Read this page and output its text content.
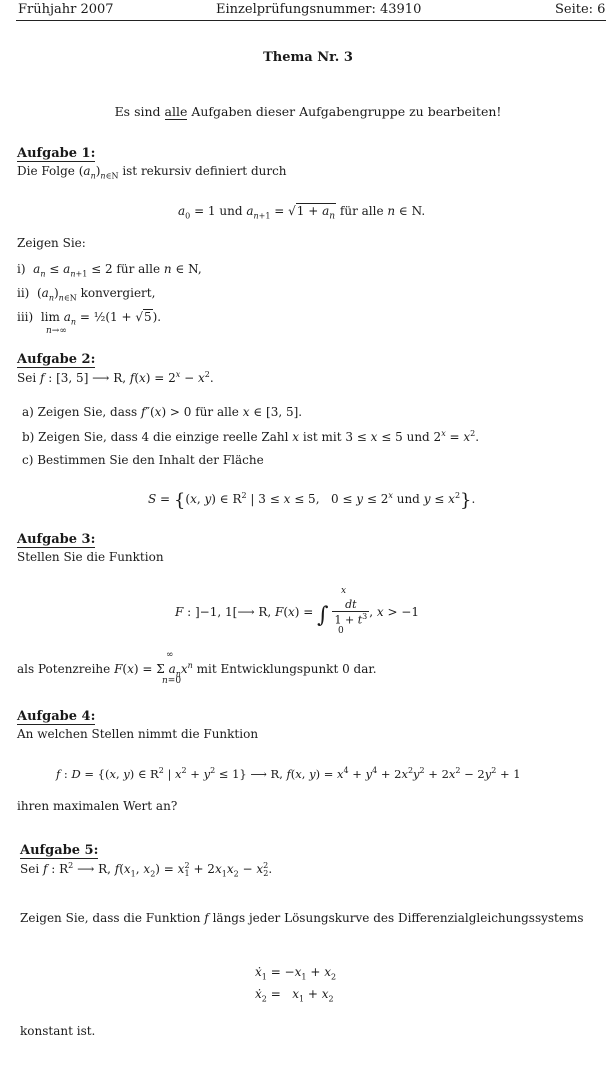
Frühjahr 2007	Einzelprüfungsnummer: 43910	Seite: 6
Thema Nr. 3
Es sind alle Aufgaben dieser Aufgabengruppe zu bearbeiten!
Aufgabe 1:
Die Folge $(a_n)_{n\in N}$ ist rekursiv definiert durch
$a_0 = 1$ und $a_{n+1} = √1 + a_n$ für alle n ∈ N.
Zeigen Sie:
i) $a_n \le a_{n+1} \le 2$ für alle n ∈ N,
ii)  $(a_n)_{n\in N}$ konvergiert,
iii)  $\lim a_n$ = ½(1 + √5).
n→∞
Aufgabe 2:
Sei f : [3, 5] ⟶ R, $f(x) = 2^x - x^2$.
a) Zeigen Sie, dass f″(x) > 0 für alle x ∈ [3, 5].
b) Zeigen Sie, dass 4 die einzige reelle Zahl x ist mit 3 ≤ x ≤ 5 und $2^x = x^2$.
c) Bestimmen Sie den Inhalt der Fläche
S = {(x, y) ∈ $R^2$ | 3 ≤ x ≤ 5,   $0 \le y \le 2^x$ und $y \le x^2$}.
Aufgabe 3:
Stellen Sie die Funktion
F : ]−1, 1[⟶ R, F(x) = ∫ $\frac{dt}{1 + t^3}$ , x > −1
x
0
als Potenzreihe F(x) = Σ $a_nx^n$ mit Entwicklungspunkt 0 dar.
∞
n=0
Aufgabe 4:
An welchen Stellen nimmt die Funktion
f : D = {(x, y) ∈ $R^2$ | $x^2 + y^2 \le 1$} ⟶ R, f(x, $y) = x^4 + y^4 + 2x^2y^2 + 2x^2 - 2y^2 + 1$
ihren maximalen Wert an?
Aufgabe 5:
Sei f : $R^2$ ⟶ R, $f(x_1$, $x_2) = x^2_1 + 2x_1x_2 - x^2_2$.
Zeigen Sie, dass die Funktion f längs jeder Lösungskurve des Differenzialgleichungssystems
ẋ$_1$ = $-x_1 + x_2$
ẋ$_2$ =   $x_1 + x_2$
konstant ist.
